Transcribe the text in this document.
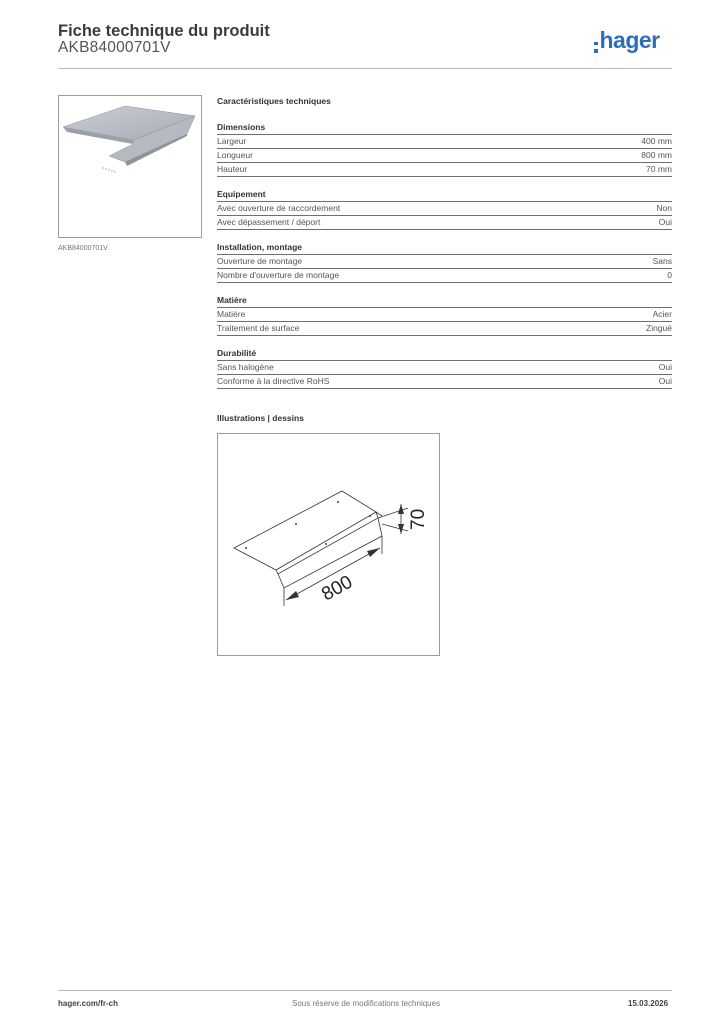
Fiche technique du produit
AKB84000701V	hager
AKB84000701V
Caractéristiques techniques
Dimensions
Largeur	400 mm
Longueur	800 mm
Hauteur	70 mm
Equipement
Avec ouverture de raccordement	Non
Avec dépassement / déport	Oui
Installation, montage
Ouverture de montage	Sans
Nombre d'ouverture de montage	0
Matière
Matière	Acier
Traitement de surface	Zingué
Durabilité
Sans halogène	Oui
Conforme à la directive RoHS	Oui
Illustrations | dessins
800
70
hager.com/fr-ch	Sous réserve de modifications techniques	15.03.2026
